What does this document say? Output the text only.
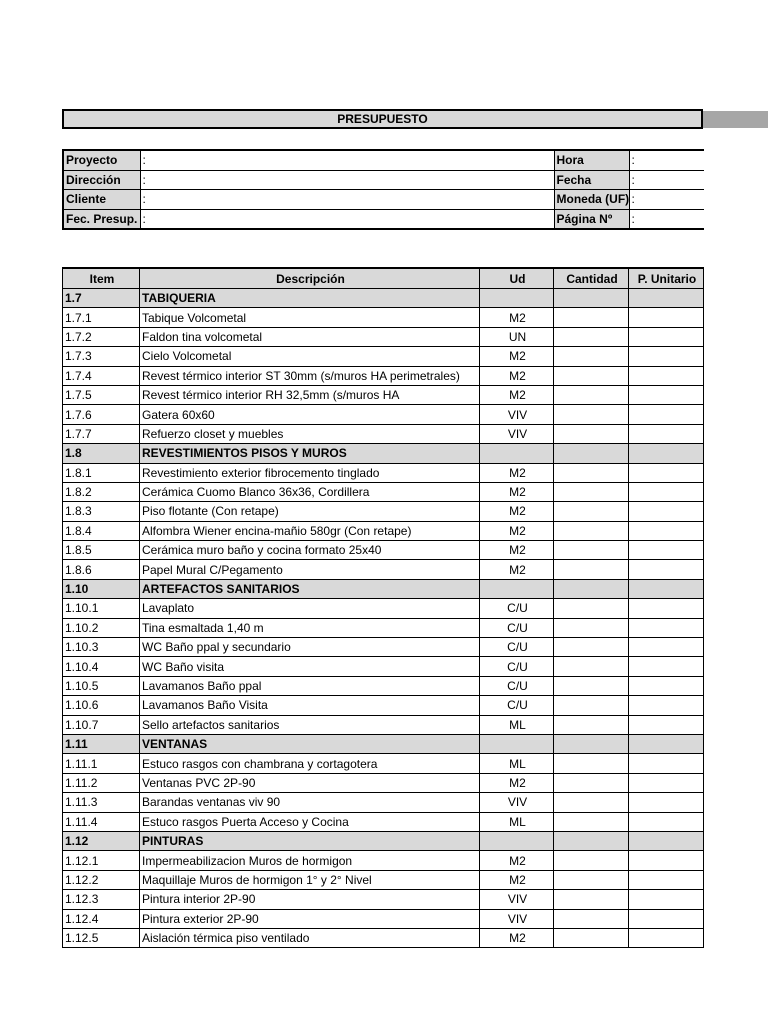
PRESUPUESTO
Proyecto	:	Hora	:
Dirección	:	Fecha	:
Cliente	:	Moneda (UF)	:
Fec. Presup.	:	Página Nº	:
Item	Descripción	Ud	Cantidad	P. Unitario
1.7	TABIQUERIA			
1.7.1	Tabique Volcometal	M2		
1.7.2	Faldon tina volcometal	UN		
1.7.3	Cielo Volcometal	M2		
1.7.4	Revest térmico interior ST 30mm (s/muros HA perimetrales)	M2		
1.7.5	Revest térmico interior RH 32,5mm (s/muros HA	M2		
1.7.6	Gatera 60x60	VIV		
1.7.7	Refuerzo closet y muebles	VIV		
1.8	REVESTIMIENTOS PISOS Y MUROS			
1.8.1	Revestimiento exterior fibrocemento tinglado	M2		
1.8.2	Cerámica Cuomo Blanco 36x36, Cordillera	M2		
1.8.3	Piso flotante (Con retape)	M2		
1.8.4	Alfombra Wiener encina-mañio 580gr (Con retape)	M2		
1.8.5	Cerámica muro baño y cocina formato 25x40	M2		
1.8.6	Papel Mural C/Pegamento	M2		
1.10	ARTEFACTOS SANITARIOS			
1.10.1	Lavaplato	C/U		
1.10.2	Tina esmaltada 1,40 m	C/U		
1.10.3	WC Baño ppal y secundario	C/U		
1.10.4	WC Baño visita	C/U		
1.10.5	Lavamanos Baño ppal	C/U		
1.10.6	Lavamanos Baño Visita	C/U		
1.10.7	Sello artefactos sanitarios	ML		
1.11	VENTANAS			
1.11.1	Estuco rasgos con chambrana y cortagotera	ML		
1.11.2	Ventanas PVC 2P-90	M2		
1.11.3	Barandas ventanas viv 90	VIV		
1.11.4	Estuco rasgos Puerta Acceso y Cocina	ML		
1.12	PINTURAS			
1.12.1	Impermeabilizacion Muros de hormigon	M2		
1.12.2	Maquillaje Muros de hormigon 1° y 2° Nivel	M2		
1.12.3	Pintura interior 2P-90	VIV		
1.12.4	Pintura exterior 2P-90	VIV		
1.12.5	Aislación térmica piso ventilado	M2		
